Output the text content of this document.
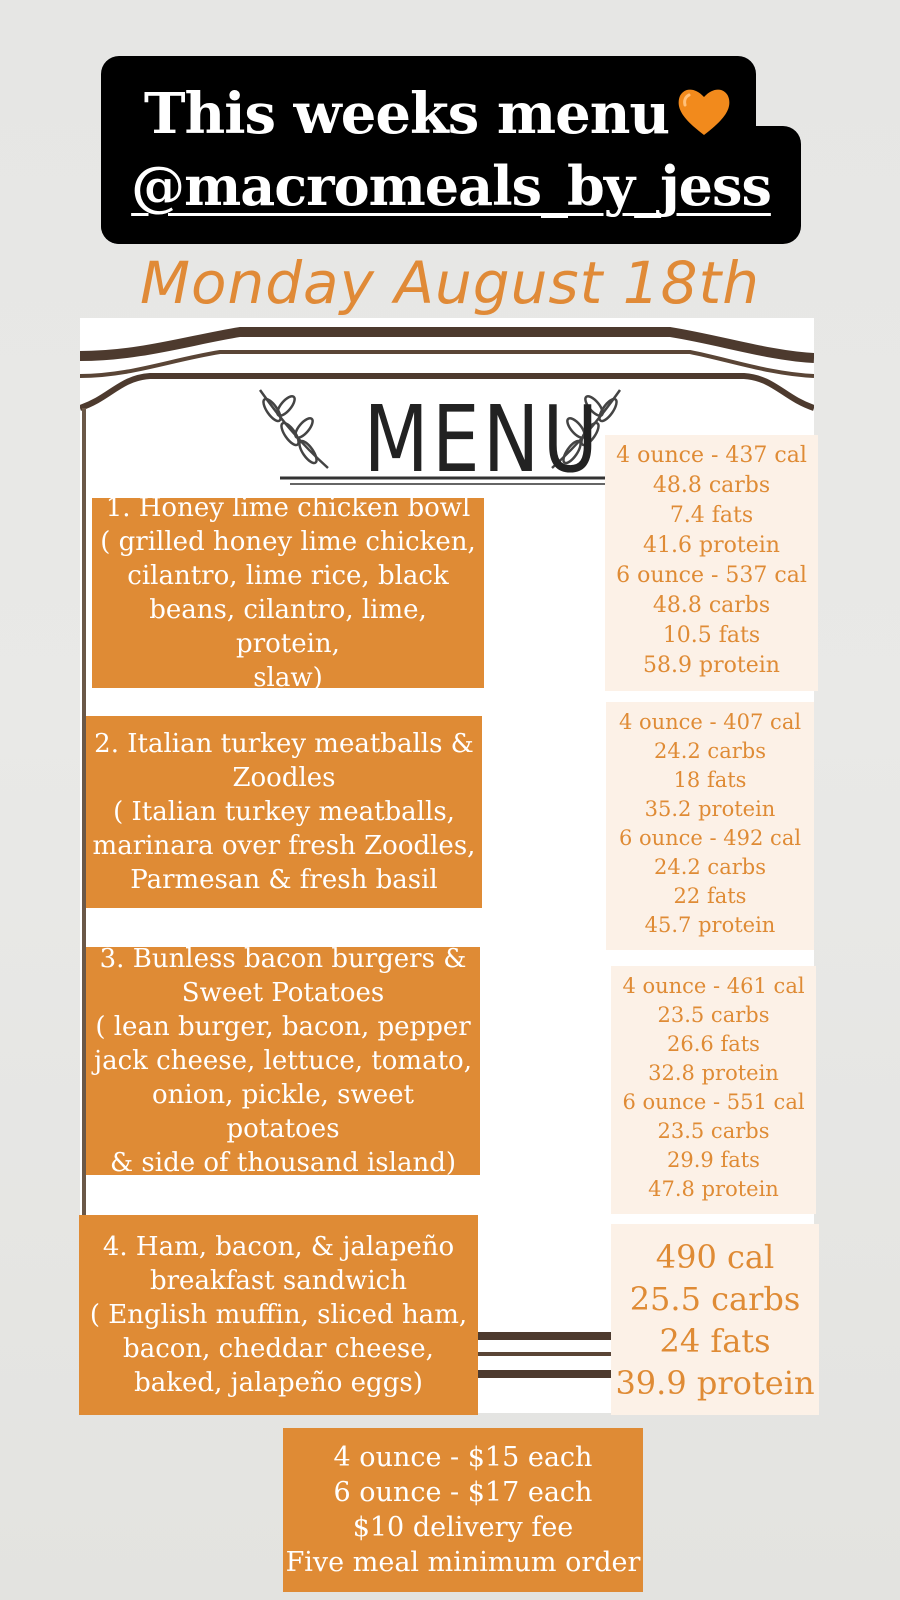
This weeks menu
@macromeals_by_jess
Monday August 18th
MENU
1. Honey lime chicken bowl
( grilled honey lime chicken,
cilantro, lime rice, black
beans, cilantro, lime, protein,
slaw)
4 ounce - 437 cal
48.8 carbs
7.4 fats
41.6 protein
6 ounce - 537 cal
48.8 carbs
10.5 fats
58.9 protein
2. Italian turkey meatballs &
Zoodles
( Italian turkey meatballs,
marinara over fresh Zoodles,
Parmesan & fresh basil
4 ounce - 407 cal
24.2 carbs
18 fats
35.2 protein
6 ounce - 492 cal
24.2 carbs
22 fats
45.7 protein
3. Bunless bacon burgers &
Sweet Potatoes
( lean burger, bacon, pepper
jack cheese, lettuce, tomato,
onion, pickle, sweet potatoes
& side of thousand island)
4 ounce - 461 cal
23.5 carbs
26.6 fats
32.8 protein
6 ounce - 551 cal
23.5 carbs
29.9 fats
47.8 protein
4. Ham, bacon, & jalapeño
breakfast sandwich
( English muffin, sliced ham,
bacon, cheddar cheese,
baked, jalapeño eggs)
490 cal
25.5 carbs
24 fats
39.9 protein
4 ounce - $15 each
6 ounce - $17 each
$10 delivery fee
Five meal minimum order
